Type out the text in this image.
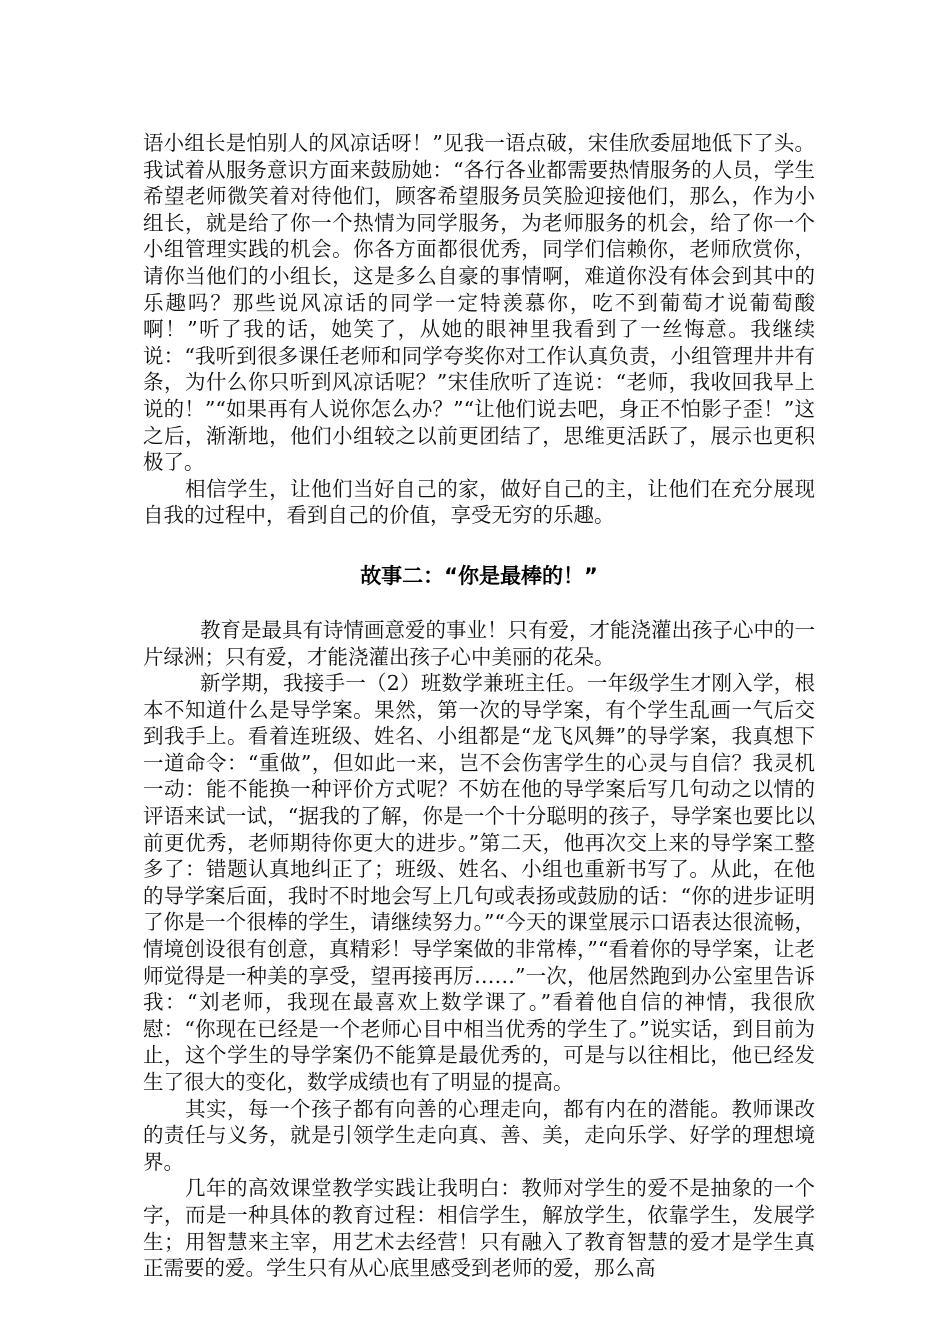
语小组长是怕别人的风凉话呀！”见我一语点破，宋佳欣委屈地低下了头。我试着从服务意识方面来鼓励她：“各行各业都需要热情服务的人员，学生希望老师微笑着对待他们，顾客希望服务员笑脸迎接他们，那么，作为小组长，就是给了你一个热情为同学服务，为老师服务的机会，给了你一个小组管理实践的机会。你各方面都很优秀，同学们信赖你，老师欣赏你，请你当他们的小组长，这是多么自豪的事情啊，难道你没有体会到其中的乐趣吗？那些说风凉话的同学一定特羡慕你，吃不到葡萄才说葡萄酸啊！”听了我的话，她笑了，从她的眼神里我看到了一丝悔意。我继续说：“我听到很多课任老师和同学夸奖你对工作认真负责，小组管理井井有条，为什么你只听到风凉话呢？”宋佳欣听了连说：“老师，我收回我早上说的！”“如果再有人说你怎么办？”“让他们说去吧，身正不怕影子歪！”这之后，渐渐地，他们小组较之以前更团结了，思维更活跃了，展示也更积极了。

相信学生，让他们当好自己的家，做好自己的主，让他们在充分展现自我的过程中，看到自己的价值，享受无穷的乐趣。

故事二：“你是最棒的！”

教育是最具有诗情画意爱的事业！只有爱，才能浇灌出孩子心中的一片绿洲；只有爱，才能浇灌出孩子心中美丽的花朵。

新学期，我接手一（2）班数学兼班主任。一年级学生才刚入学，根本不知道什么是导学案。果然，第一次的导学案，有个学生乱画一气后交到我手上。看着连班级、姓名、小组都是“龙飞风舞”的导学案，我真想下一道命令：“重做”，但如此一来，岂不会伤害学生的心灵与自信？我灵机一动：能不能换一种评价方式呢？不妨在他的导学案后写几句动之以情的评语来试一试，“据我的了解，你是一个十分聪明的孩子，导学案也要比以前更优秀，老师期待你更大的进步。”第二天，他再次交上来的导学案工整多了：错题认真地纠正了；班级、姓名、小组也重新书写了。从此，在他的导学案后面，我时不时地会写上几句或表扬或鼓励的话：“你的进步证明了你是一个很棒的学生，请继续努力。”“今天的课堂展示口语表达很流畅，情境创设很有创意，真精彩！导学案做的非常棒，”“看着你的导学案，让老师觉得是一种美的享受，望再接再厉……”一次，他居然跑到办公室里告诉我：“刘老师，我现在最喜欢上数学课了。”看着他自信的神情，我很欣慰：“你现在已经是一个老师心目中相当优秀的学生了。”说实话，到目前为止，这个学生的导学案仍不能算是最优秀的，可是与以往相比，他已经发生了很大的变化，数学成绩也有了明显的提高。

其实，每一个孩子都有向善的心理走向，都有内在的潜能。教师课改的责任与义务，就是引领学生走向真、善、美，走向乐学、好学的理想境界。

几年的高效课堂教学实践让我明白：教师对学生的爱不是抽象的一个字，而是一种具体的教育过程：相信学生，解放学生，依靠学生，发展学生；用智慧来主宰，用艺术去经营！只有融入了教育智慧的爱才是学生真正需要的爱。学生只有从心底里感受到老师的爱，那么高
